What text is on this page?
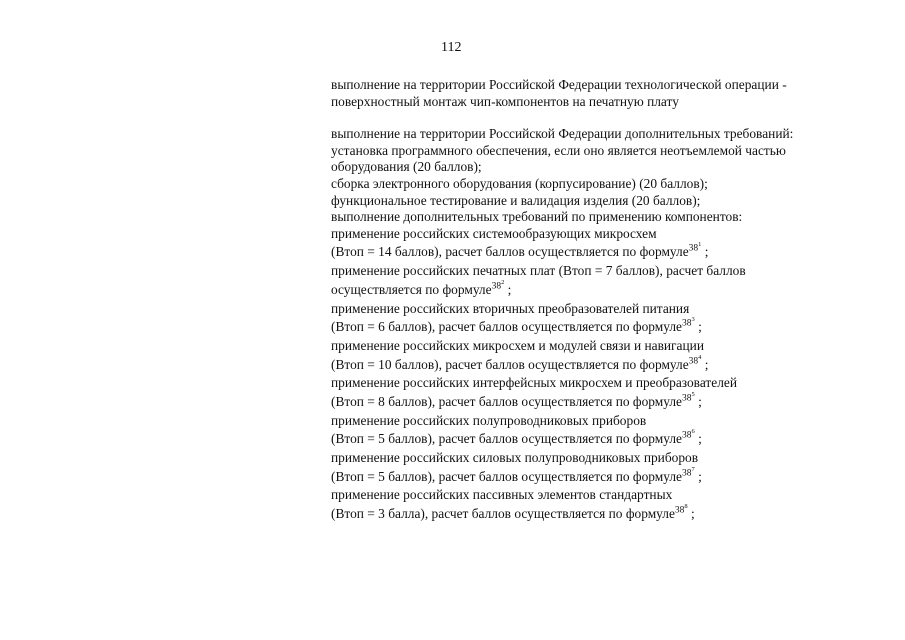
112
выполнение на территории Российской Федерации технологической операции -
поверхностный монтаж чип-компонентов на печатную плату
выполнение на территории Российской Федерации дополнительных требований:
установка программного обеспечения, если оно является неотъемлемой частью
оборудования (20 баллов);
сборка электронного оборудования (корпусирование) (20 баллов);
функциональное тестирование и валидация изделия (20 баллов);
выполнение дополнительных требований по применению компонентов:
применение российских системообразующих микросхем
(Втоп = 14 баллов), расчет баллов осуществляется по формуле$^{381}$ ;
применение российских печатных плат (Втоп = 7 баллов), расчет баллов
осуществляется по формуле$^{382}$ ;
применение российских вторичных преобразователей питания
(Втоп = 6 баллов), расчет баллов осуществляется по формуле$^{383}$ ;
применение российских микросхем и модулей связи и навигации
(Втоп = 10 баллов), расчет баллов осуществляется по формуле$^{384}$ ;
применение российских интерфейсных микросхем и преобразователей
(Втоп = 8 баллов), расчет баллов осуществляется по формуле$^{385}$ ;
применение российских полупроводниковых приборов
(Втоп = 5 баллов), расчет баллов осуществляется по формуле$^{386}$ ;
применение российских силовых полупроводниковых приборов
(Втоп = 5 баллов), расчет баллов осуществляется по формуле$^{387}$ ;
применение российских пассивных элементов стандартных
(Втоп = 3 балла), расчет баллов осуществляется по формуле$^{388}$ ;
